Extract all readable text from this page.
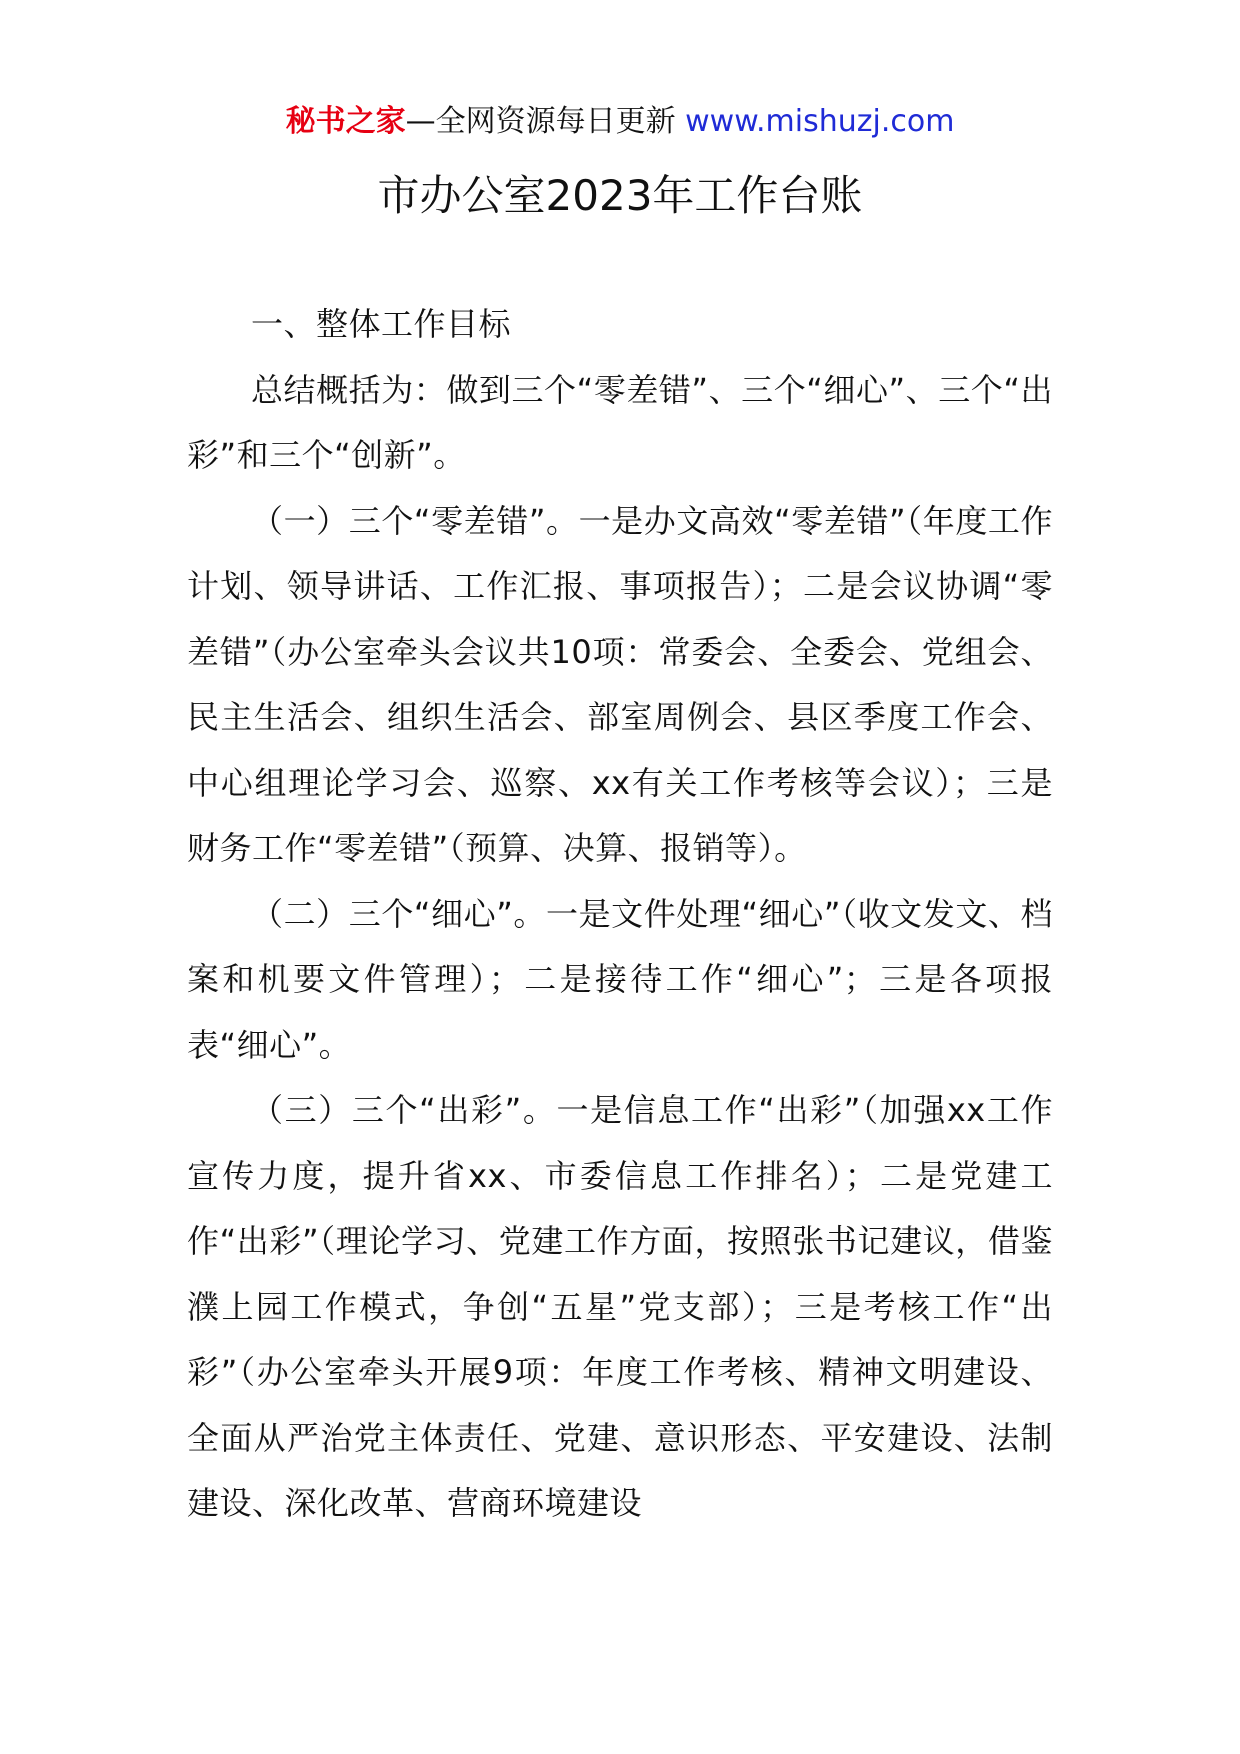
秘书之家—全网资源每日更新 www.mishuzj.com
市办公室2023年工作台账

一、整体工作目标

总结概括为：做到三个“零差错”、三个“细心”、三个“出彩”和三个“创新”。

（一）三个“零差错”。一是办文高效“零差错”（年度工作计划、领导讲话、工作汇报、事项报告）；二是会议协调“零差错”（办公室牵头会议共10项：常委会、全委会、党组会、民主生活会、组织生活会、部室周例会、县区季度工作会、中心组理论学习会、巡察、xx有关工作考核等会议）；三是财务工作“零差错”（预算、决算、报销等）。

（二）三个“细心”。一是文件处理“细心”（收文发文、档案和机要文件管理）；二是接待工作“细心”；三是各项报表“细心”。

（三）三个“出彩”。一是信息工作“出彩”（加强xx工作宣传力度，提升省xx、市委信息工作排名）；二是党建工作“出彩”（理论学习、党建工作方面，按照张书记建议，借鉴濮上园工作模式，争创“五星”党支部）；三是考核工作“出彩”（办公室牵头开展9项：年度工作考核、精神文明建设、全面从严治党主体责任、党建、意识形态、平安建设、法制建设、深化改革、营商环境建设
